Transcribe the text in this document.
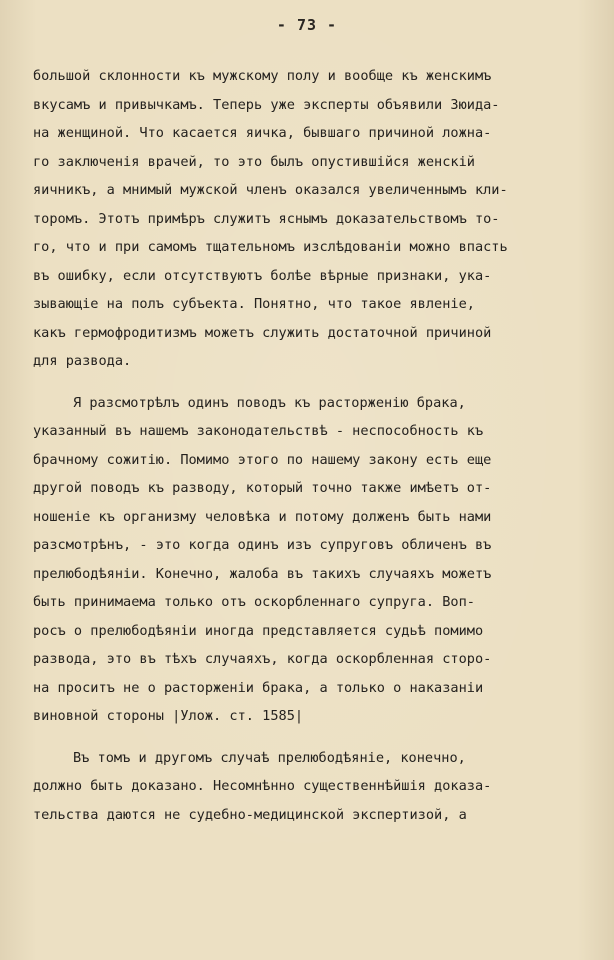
- 73 -
большой склонности къ мужскому полу и вообще къ женскимъ
вкусамъ и привычкамъ. Теперь уже эксперты объявили Зюида-
на женщиной. Что касается яичка, бывшаго причиной ложна-
го заключенія врачей, то это былъ опустившійся женскій
яичникъ, а мнимый мужской членъ оказался увеличеннымъ кли-
торомъ. Этотъ примѣръ служитъ яснымъ доказательствомъ то-
го, что и при самомъ тщательномъ изслѣдованіи можно впасть
въ ошибку, если отсутствуютъ болѣе вѣрные признаки, ука-
зывающіе на полъ субъекта. Понятно, что такое явленіе,
какъ гермофродитизмъ можетъ служить достаточной причиной
для развода.
Я разсмотрѣлъ одинъ поводъ къ расторженію брака,
указанный въ нашемъ законодательствѣ - неспособность къ
брачному сожитію. Помимо этого по нашему закону есть еще
другой поводъ къ разводу, который точно также имѣетъ от-
ношеніе къ организму человѣка и потому долженъ быть нами
разсмотрѣнъ, - это когда одинъ изъ супруговъ обличенъ въ
прелюбодѣяніи. Конечно, жалоба въ такихъ случаяхъ можетъ
быть принимаема только отъ оскорбленнаго супруга. Воп-
росъ о прелюбодѣяніи иногда представляется судьѣ помимо
развода, это въ тѣхъ случаяхъ, когда оскорбленная сторо-
на проситъ не о расторженіи брака, а только о наказаніи
виновной стороны |Улож. ст. 1585|
Въ томъ и другомъ случаѣ прелюбодѣяніе, конечно,
должно быть доказано. Несомнѣнно существеннѣйшія доказа-
тельства даются не судебно-медицинской экспертизой, а
